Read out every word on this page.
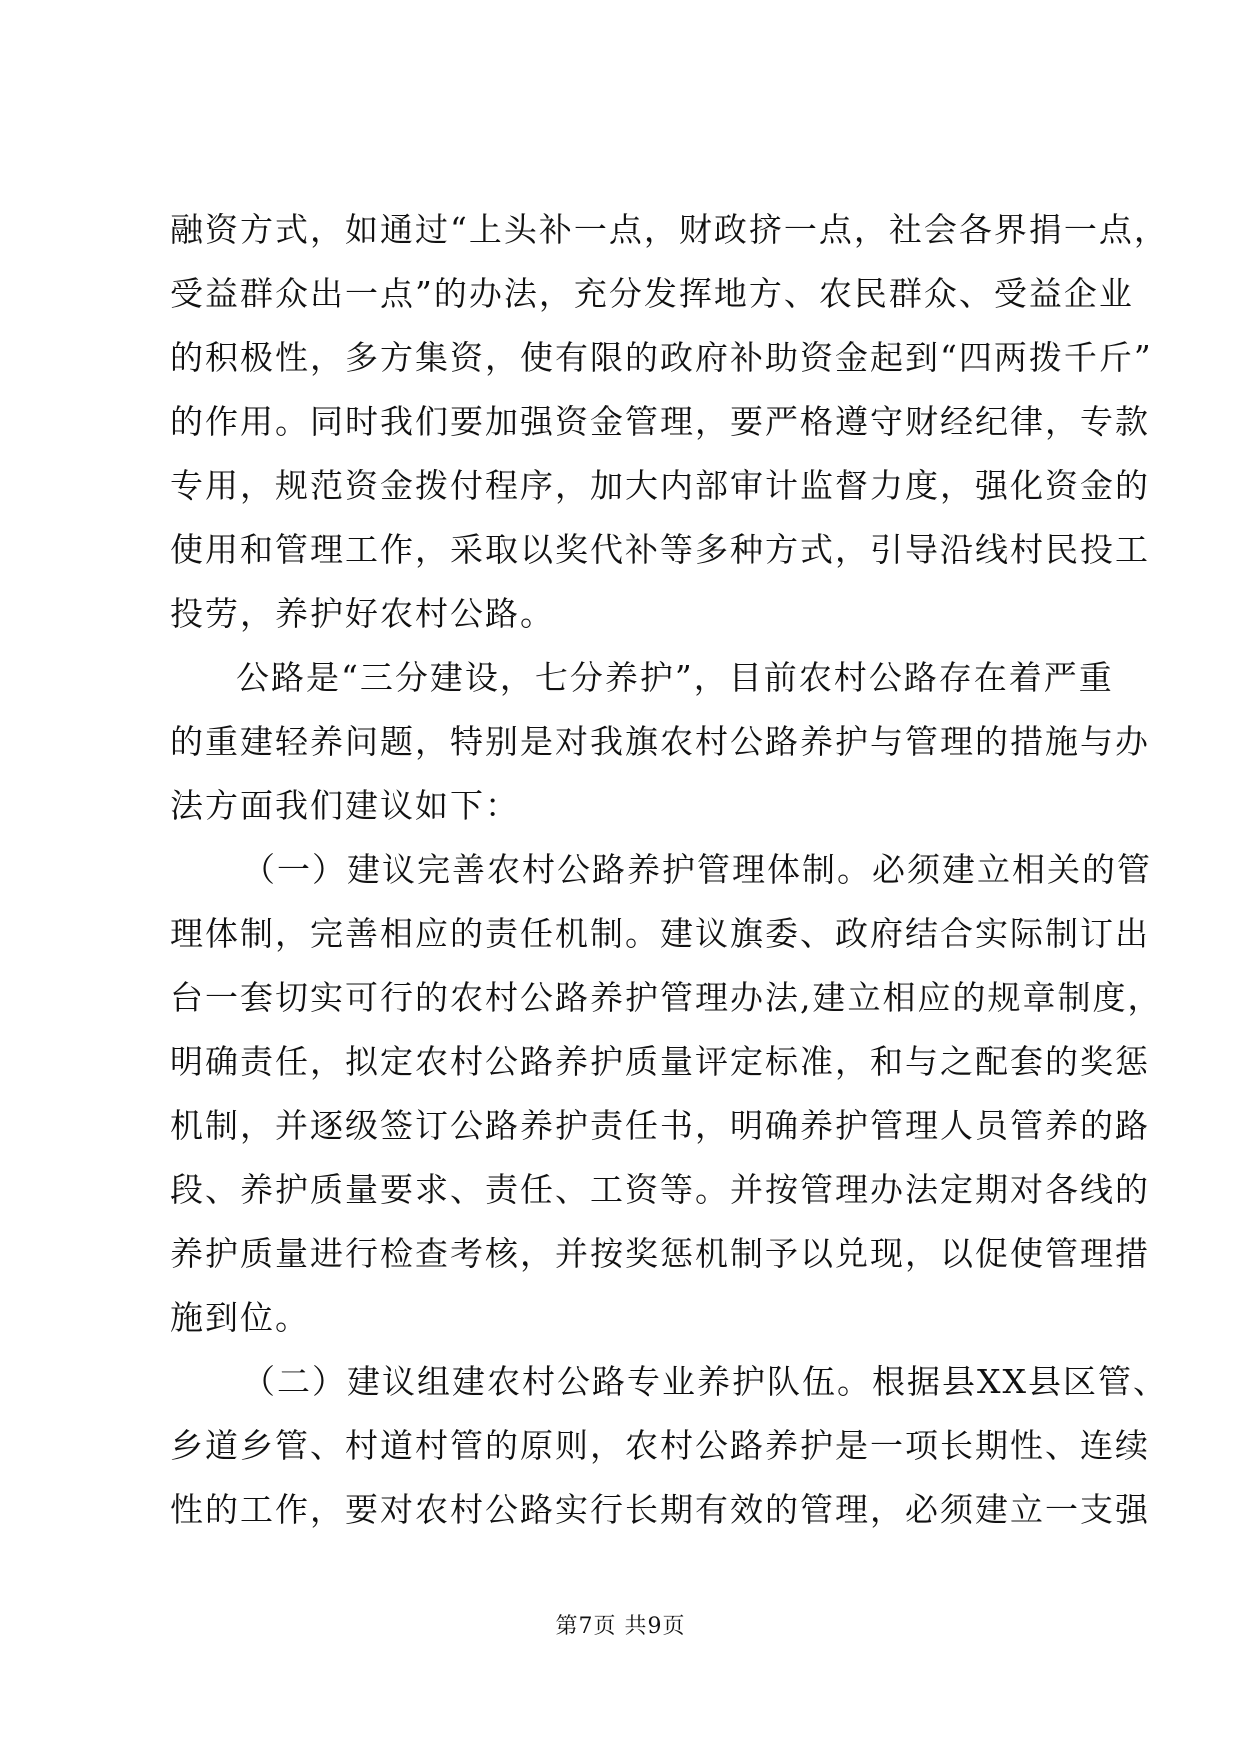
融资方式，如通过“上头补一点，财政挤一点，社会各界捐一点，
受益群众出一点”的办法，充分发挥地方、农民群众、受益企业
的积极性，多方集资，使有限的政府补助资金起到“四两拨千斤”
的作用。同时我们要加强资金管理，要严格遵守财经纪律，专款
专用，规范资金拨付程序，加大内部审计监督力度，强化资金的
使用和管理工作，采取以奖代补等多种方式，引导沿线村民投工
投劳，养护好农村公路。
公路是“三分建设，七分养护”，目前农村公路存在着严重
的重建轻养问题，特别是对我旗农村公路养护与管理的措施与办
法方面我们建议如下：
（一）建议完善农村公路养护管理体制。必须建立相关的管
理体制，完善相应的责任机制。建议旗委、政府结合实际制订出
台一套切实可行的农村公路养护管理办法,建立相应的规章制度，
明确责任，拟定农村公路养护质量评定标准，和与之配套的奖惩
机制，并逐级签订公路养护责任书，明确养护管理人员管养的路
段、养护质量要求、责任、工资等。并按管理办法定期对各线的
养护质量进行检查考核，并按奖惩机制予以兑现，以促使管理措
施到位。
（二）建议组建农村公路专业养护队伍。根据县XX县区管、
乡道乡管、村道村管的原则，农村公路养护是一项长期性、连续
性的工作，要对农村公路实行长期有效的管理，必须建立一支强
第7页 共9页
